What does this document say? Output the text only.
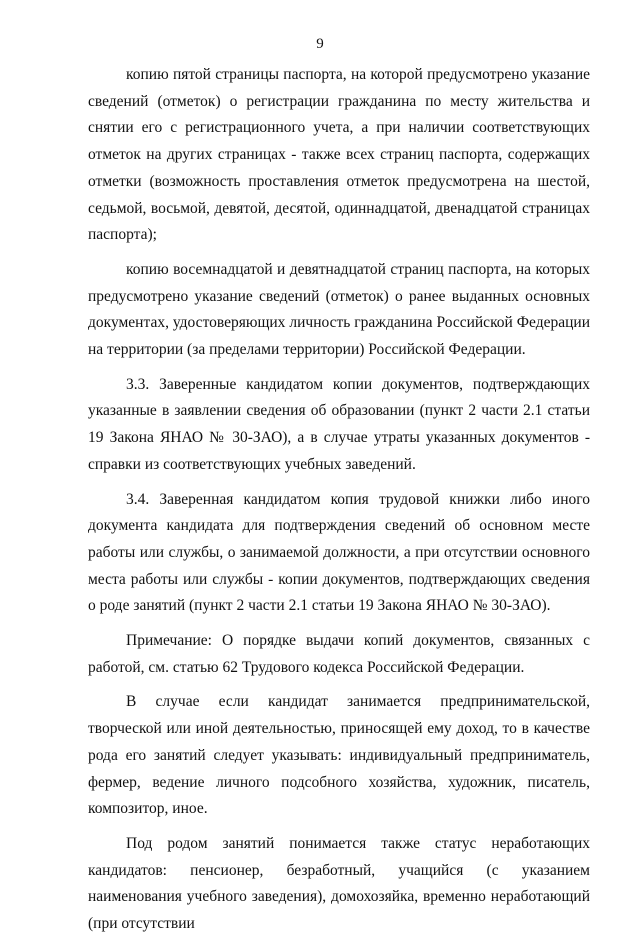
9

копию пятой страницы паспорта, на которой предусмотрено указание сведений (отметок) о регистрации гражданина по месту жительства и снятии его с регистрационного учета, а при наличии соответствующих отметок на других страницах - также всех страниц паспорта, содержащих отметки (возможность проставления отметок предусмотрена на шестой, седьмой, восьмой, девятой, десятой, одиннадцатой, двенадцатой страницах паспорта);

копию восемнадцатой и девятнадцатой страниц паспорта, на которых предусмотрено указание сведений (отметок) о ранее выданных основных документах, удостоверяющих личность гражданина Российской Федерации на территории (за пределами территории) Российской Федерации.

3.3. Заверенные кандидатом копии документов, подтверждающих указанные в заявлении сведения об образовании (пункт 2 части 2.1 статьи 19 Закона ЯНАО № 30-ЗАО), а в случае утраты указанных документов - справки из соответствующих учебных заведений.

3.4. Заверенная кандидатом копия трудовой книжки либо иного документа кандидата для подтверждения сведений об основном месте работы или службы, о занимаемой должности, а при отсутствии основного места работы или службы - копии документов, подтверждающих сведения о роде занятий (пункт 2 части 2.1 статьи 19 Закона ЯНАО № 30-ЗАО).

Примечание: О порядке выдачи копий документов, связанных с работой, см. статью 62 Трудового кодекса Российской Федерации.

В случае если кандидат занимается предпринимательской, творческой или иной деятельностью, приносящей ему доход, то в качестве рода его занятий следует указывать: индивидуальный предприниматель, фермер, ведение личного подсобного хозяйства, художник, писатель, композитор, иное.

Под родом занятий понимается также статус неработающих кандидатов: пенсионер, безработный, учащийся (с указанием наименования учебного заведения), домохозяйка, временно неработающий (при отсутствии
